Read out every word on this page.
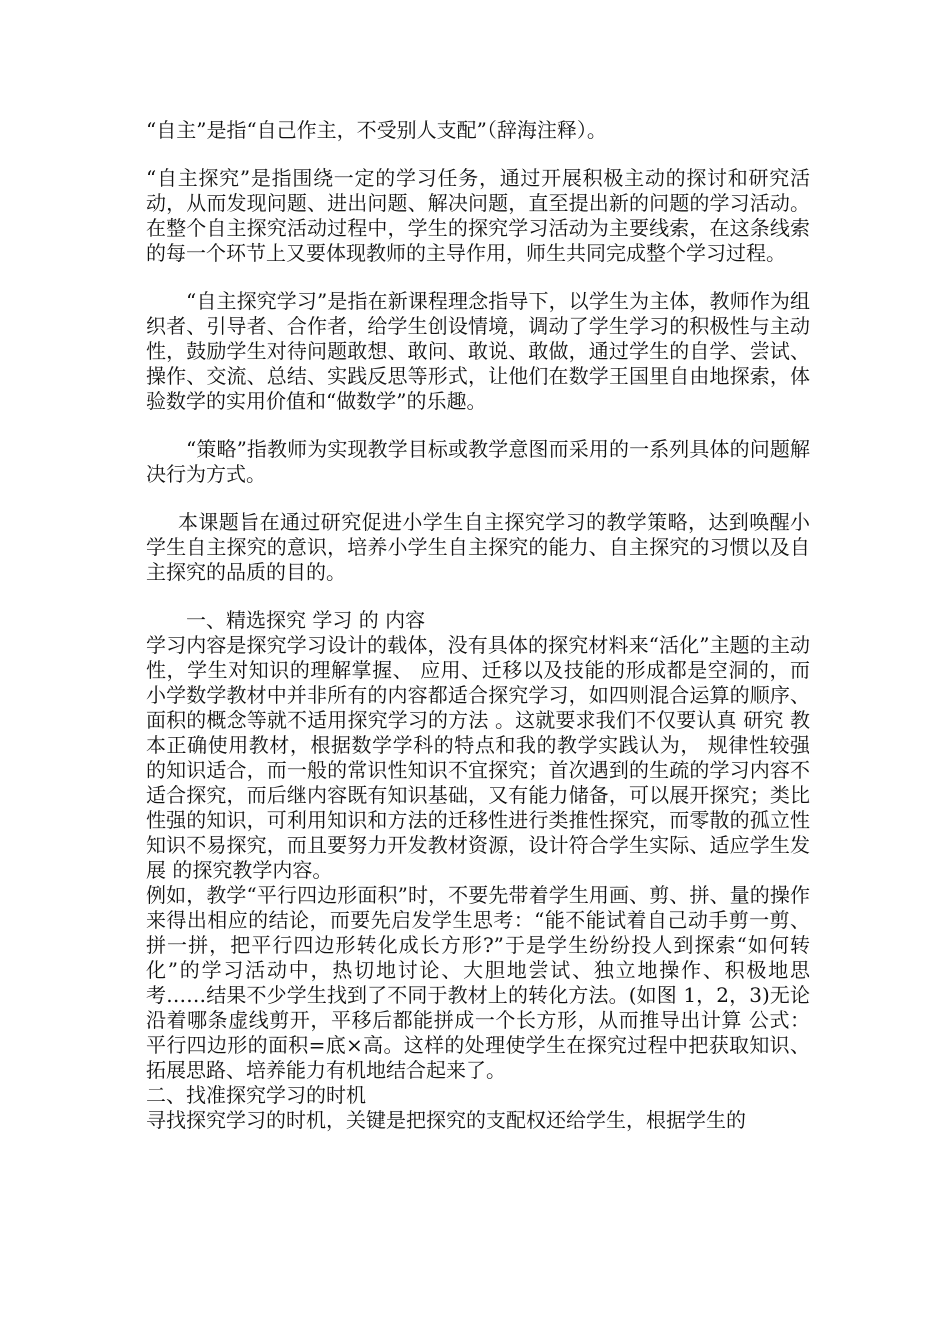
“自主”是指“自己作主，不受别人支配”（辞海注释）。

“自主探究”是指围绕一定的学习任务，通过开展积极主动的探讨和研究活动，从而发现问题、进出问题、解决问题，直至提出新的问题的学习活动。在整个自主探究活动过程中，学生的探究学习活动为主要线索，在这条线索的每一个环节上又要体现教师的主导作用，师生共同完成整个学习过程。

“自主探究学习”是指在新课程理念指导下，以学生为主体，教师作为组织者、引导者、合作者，给学生创设情境，调动了学生学习的积极性与主动性，鼓励学生对待问题敢想、敢问、敢说、敢做，通过学生的自学、尝试、操作、交流、总结、实践反思等形式，让他们在数学王国里自由地探索，体验数学的实用价值和“做数学”的乐趣。

“策略”指教师为实现教学目标或教学意图而采用的一系列具体的问题解决行为方式。

本课题旨在通过研究促进小学生自主探究学习的教学策略，达到唤醒小学生自主探究的意识，培养小学生自主探究的能力、自主探究的习惯以及自主探究的品质的目的。

一、精选探究 学习 的 内容

学习内容是探究学习设计的载体，没有具体的探究材料来“活化”主题的主动性，学生对知识的理解掌握、 应用、迁移以及技能的形成都是空洞的，而小学数学教材中并非所有的内容都适合探究学习，如四则混合运算的顺序、面积的概念等就不适用探究学习的方法 。这就要求我们不仅要认真 研究 教本正确使用教材，根据数学学科的特点和我的教学实践认为， 规律性较强的知识适合，而一般的常识性知识不宜探究；首次遇到的生疏的学习内容不适合探究，而后继内容既有知识基础，又有能力储备，可以展开探究；类比性强的知识，可利用知识和方法的迁移性进行类推性探究，而零散的孤立性知识不易探究，而且要努力开发教材资源，设计符合学生实际、适应学生发展 的探究教学内容。

例如，教学“平行四边形面积”时，不要先带着学生用画、剪、拼、量的操作来得出相应的结论，而要先启发学生思考：“能不能试着自己动手剪一剪、拼一拼，把平行四边形转化成长方形?”于是学生纷纷投人到探索“如何转化”的学习活动中，热切地讨论、大胆地尝试、独立地操作、积极地思考……结果不少学生找到了不同于教材上的转化方法。(如图 1，2，3)无论沿着哪条虚线剪开，平移后都能拼成一个长方形，从而推导出计算 公式：平行四边形的面积=底×高。这样的处理使学生在探究过程中把获取知识、拓展思路、培养能力有机地结合起来了。

二、找准探究学习的时机

寻找探究学习的时机，关键是把探究的支配权还给学生，根据学生的
